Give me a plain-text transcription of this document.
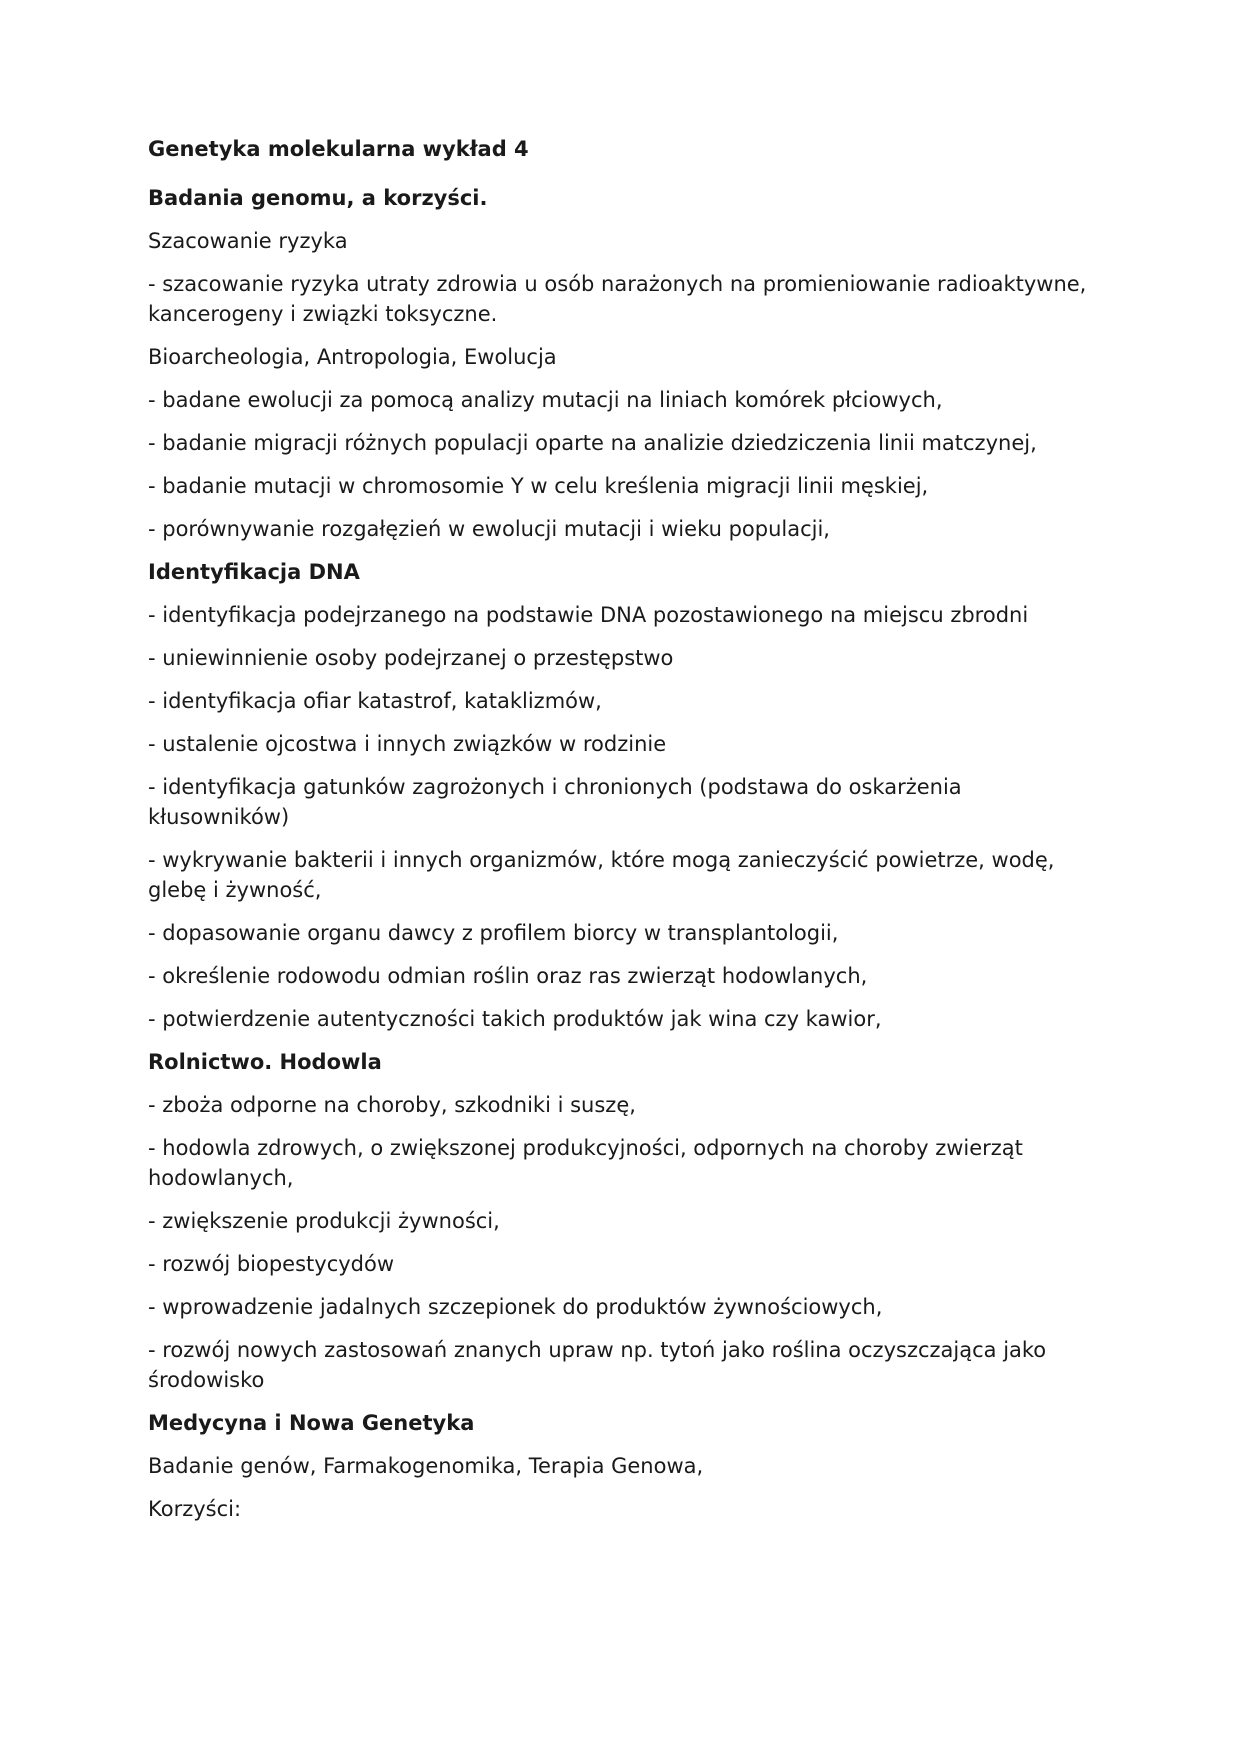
Genetyka molekularna wykład 4
Badania genomu, a korzyści.
Szacowanie ryzyka
- szacowanie ryzyka utraty zdrowia u osób narażonych na promieniowanie radioaktywne, kancerogeny i związki toksyczne.
Bioarcheologia, Antropologia, Ewolucja
- badane ewolucji za pomocą analizy mutacji na liniach komórek płciowych,
- badanie migracji różnych populacji oparte na analizie dziedziczenia linii matczynej,
- badanie mutacji w chromosomie Y w celu kreślenia migracji linii męskiej,
- porównywanie rozgałęzień w ewolucji mutacji i wieku populacji,
Identyfikacja DNA
- identyfikacja podejrzanego na podstawie DNA pozostawionego na miejscu zbrodni
- uniewinnienie osoby podejrzanej o przestępstwo
- identyfikacja ofiar katastrof, kataklizmów,
- ustalenie ojcostwa i innych związków w rodzinie
- identyfikacja gatunków zagrożonych i chronionych (podstawa do oskarżenia kłusowników)
- wykrywanie bakterii i innych organizmów, które mogą zanieczyścić powietrze, wodę, glebę i żywność,
- dopasowanie organu dawcy z profilem biorcy w transplantologii,
- określenie rodowodu odmian roślin oraz ras zwierząt hodowlanych,
- potwierdzenie autentyczności takich produktów jak wina czy kawior,
Rolnictwo. Hodowla
- zboża odporne na choroby, szkodniki i suszę,
- hodowla zdrowych, o zwiększonej produkcyjności, odpornych na choroby zwierząt hodowlanych,
- zwiększenie produkcji żywności,
- rozwój biopestycydów
- wprowadzenie jadalnych szczepionek do produktów żywnościowych,
- rozwój nowych zastosowań znanych upraw np. tytoń jako roślina oczyszczająca jako środowisko
Medycyna i Nowa Genetyka
Badanie genów, Farmakogenomika, Terapia Genowa,
Korzyści:
